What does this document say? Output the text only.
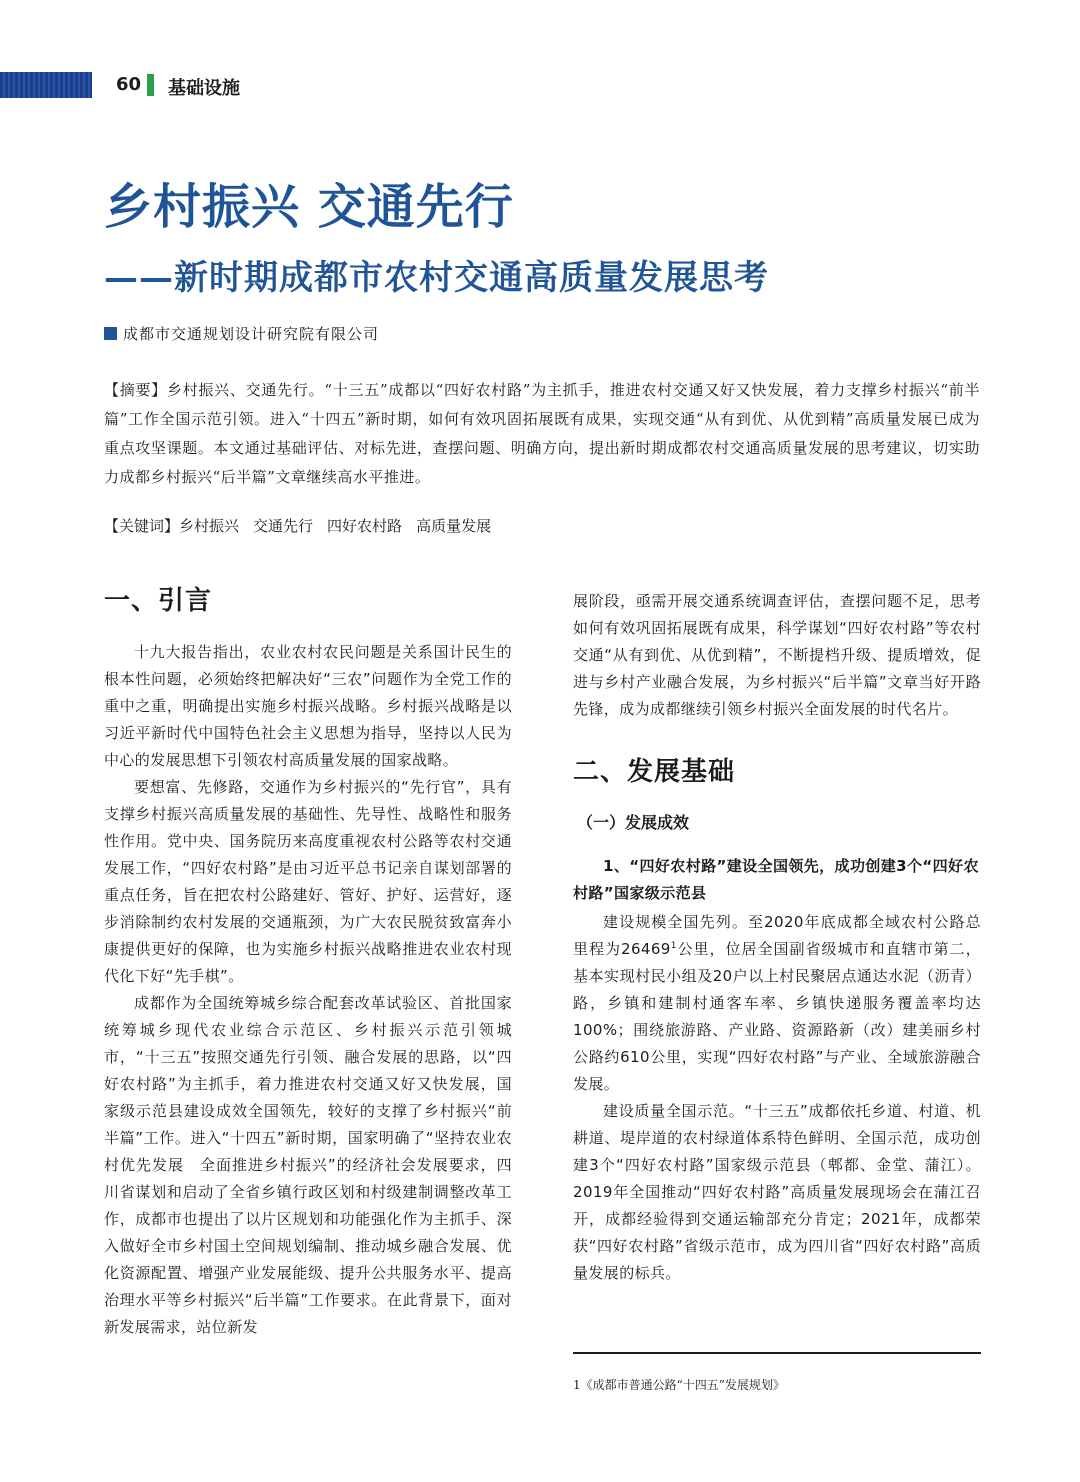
60 基础设施
乡村振兴 交通先行
——新时期成都市农村交通高质量发展思考
成都市交通规划设计研究院有限公司

【摘要】乡村振兴、交通先行。“十三五”成都以“四好农村路”为主抓手，推进农村交通又好又快发展，着力支撑乡村振兴“前半篇”工作全国示范引领。进入“十四五”新时期，如何有效巩固拓展既有成果，实现交通“从有到优、从优到精”高质量发展已成为重点攻坚课题。本文通过基础评估、对标先进，查摆问题、明确方向，提出新时期成都农村交通高质量发展的思考建议，切实助力成都乡村振兴“后半篇”文章继续高水平推进。

【关键词】乡村振兴 交通先行 四好农村路 高质量发展

一、引言

十九大报告指出，农业农村农民问题是关系国计民生的根本性问题，必须始终把解决好“三农”问题作为全党工作的重中之重，明确提出实施乡村振兴战略。乡村振兴战略是以习近平新时代中国特色社会主义思想为指导，坚持以人民为中心的发展思想下引领农村高质量发展的国家战略。

要想富、先修路，交通作为乡村振兴的“先行官”，具有支撑乡村振兴高质量发展的基础性、先导性、战略性和服务性作用。党中央、国务院历来高度重视农村公路等农村交通发展工作，“四好农村路”是由习近平总书记亲自谋划部署的重点任务，旨在把农村公路建好、管好、护好、运营好，逐步消除制约农村发展的交通瓶颈，为广大农民脱贫致富奔小康提供更好的保障，也为实施乡村振兴战略推进农业农村现代化下好“先手棋”。

成都作为全国统筹城乡综合配套改革试验区、首批国家统筹城乡现代农业综合示范区、乡村振兴示范引领城市，“十三五”按照交通先行引领、融合发展的思路，以“四好农村路”为主抓手，着力推进农村交通又好又快发展，国家级示范县建设成效全国领先，较好的支撑了乡村振兴“前半篇”工作。进入“十四五”新时期，国家明确了“坚持农业农村优先发展　全面推进乡村振兴”的经济社会发展要求，四川省谋划和启动了全省乡镇行政区划和村级建制调整改革工作，成都市也提出了以片区规划和功能强化作为主抓手、深入做好全市乡村国土空间规划编制、推动城乡融合发展、优化资源配置、增强产业发展能级、提升公共服务水平、提高治理水平等乡村振兴“后半篇”工作要求。在此背景下，面对新发展需求，站位新发

展阶段，亟需开展交通系统调查评估，查摆问题不足，思考如何有效巩固拓展既有成果，科学谋划“四好农村路”等农村交通“从有到优、从优到精”，不断提档升级、提质增效，促进与乡村产业融合发展，为乡村振兴“后半篇”文章当好开路先锋，成为成都继续引领乡村振兴全面发展的时代名片。

二、发展基础
（一）发展成效
1、“四好农村路”建设全国领先，成功创建3个“四好农村路”国家级示范县

建设规模全国先列。至2020年底成都全域农村公路总里程为26469$^1$公里，位居全国副省级城市和直辖市第二，基本实现村民小组及20户以上村民聚居点通达水泥（沥青）路，乡镇和建制村通客车率、乡镇快递服务覆盖率均达100%；围绕旅游路、产业路、资源路新（改）建美丽乡村公路约610公里，实现“四好农村路”与产业、全域旅游融合发展。

建设质量全国示范。“十三五”成都依托乡道、村道、机耕道、堤岸道的农村绿道体系特色鲜明、全国示范，成功创建3个“四好农村路”国家级示范县（郫都、金堂、蒲江）。2019年全国推动“四好农村路”高质量发展现场会在蒲江召开，成都经验得到交通运输部充分肯定；2021年，成都荣获“四好农村路”省级示范市，成为四川省“四好农村路”高质量发展的标兵。

1《成都市普通公路“十四五”发展规划》
